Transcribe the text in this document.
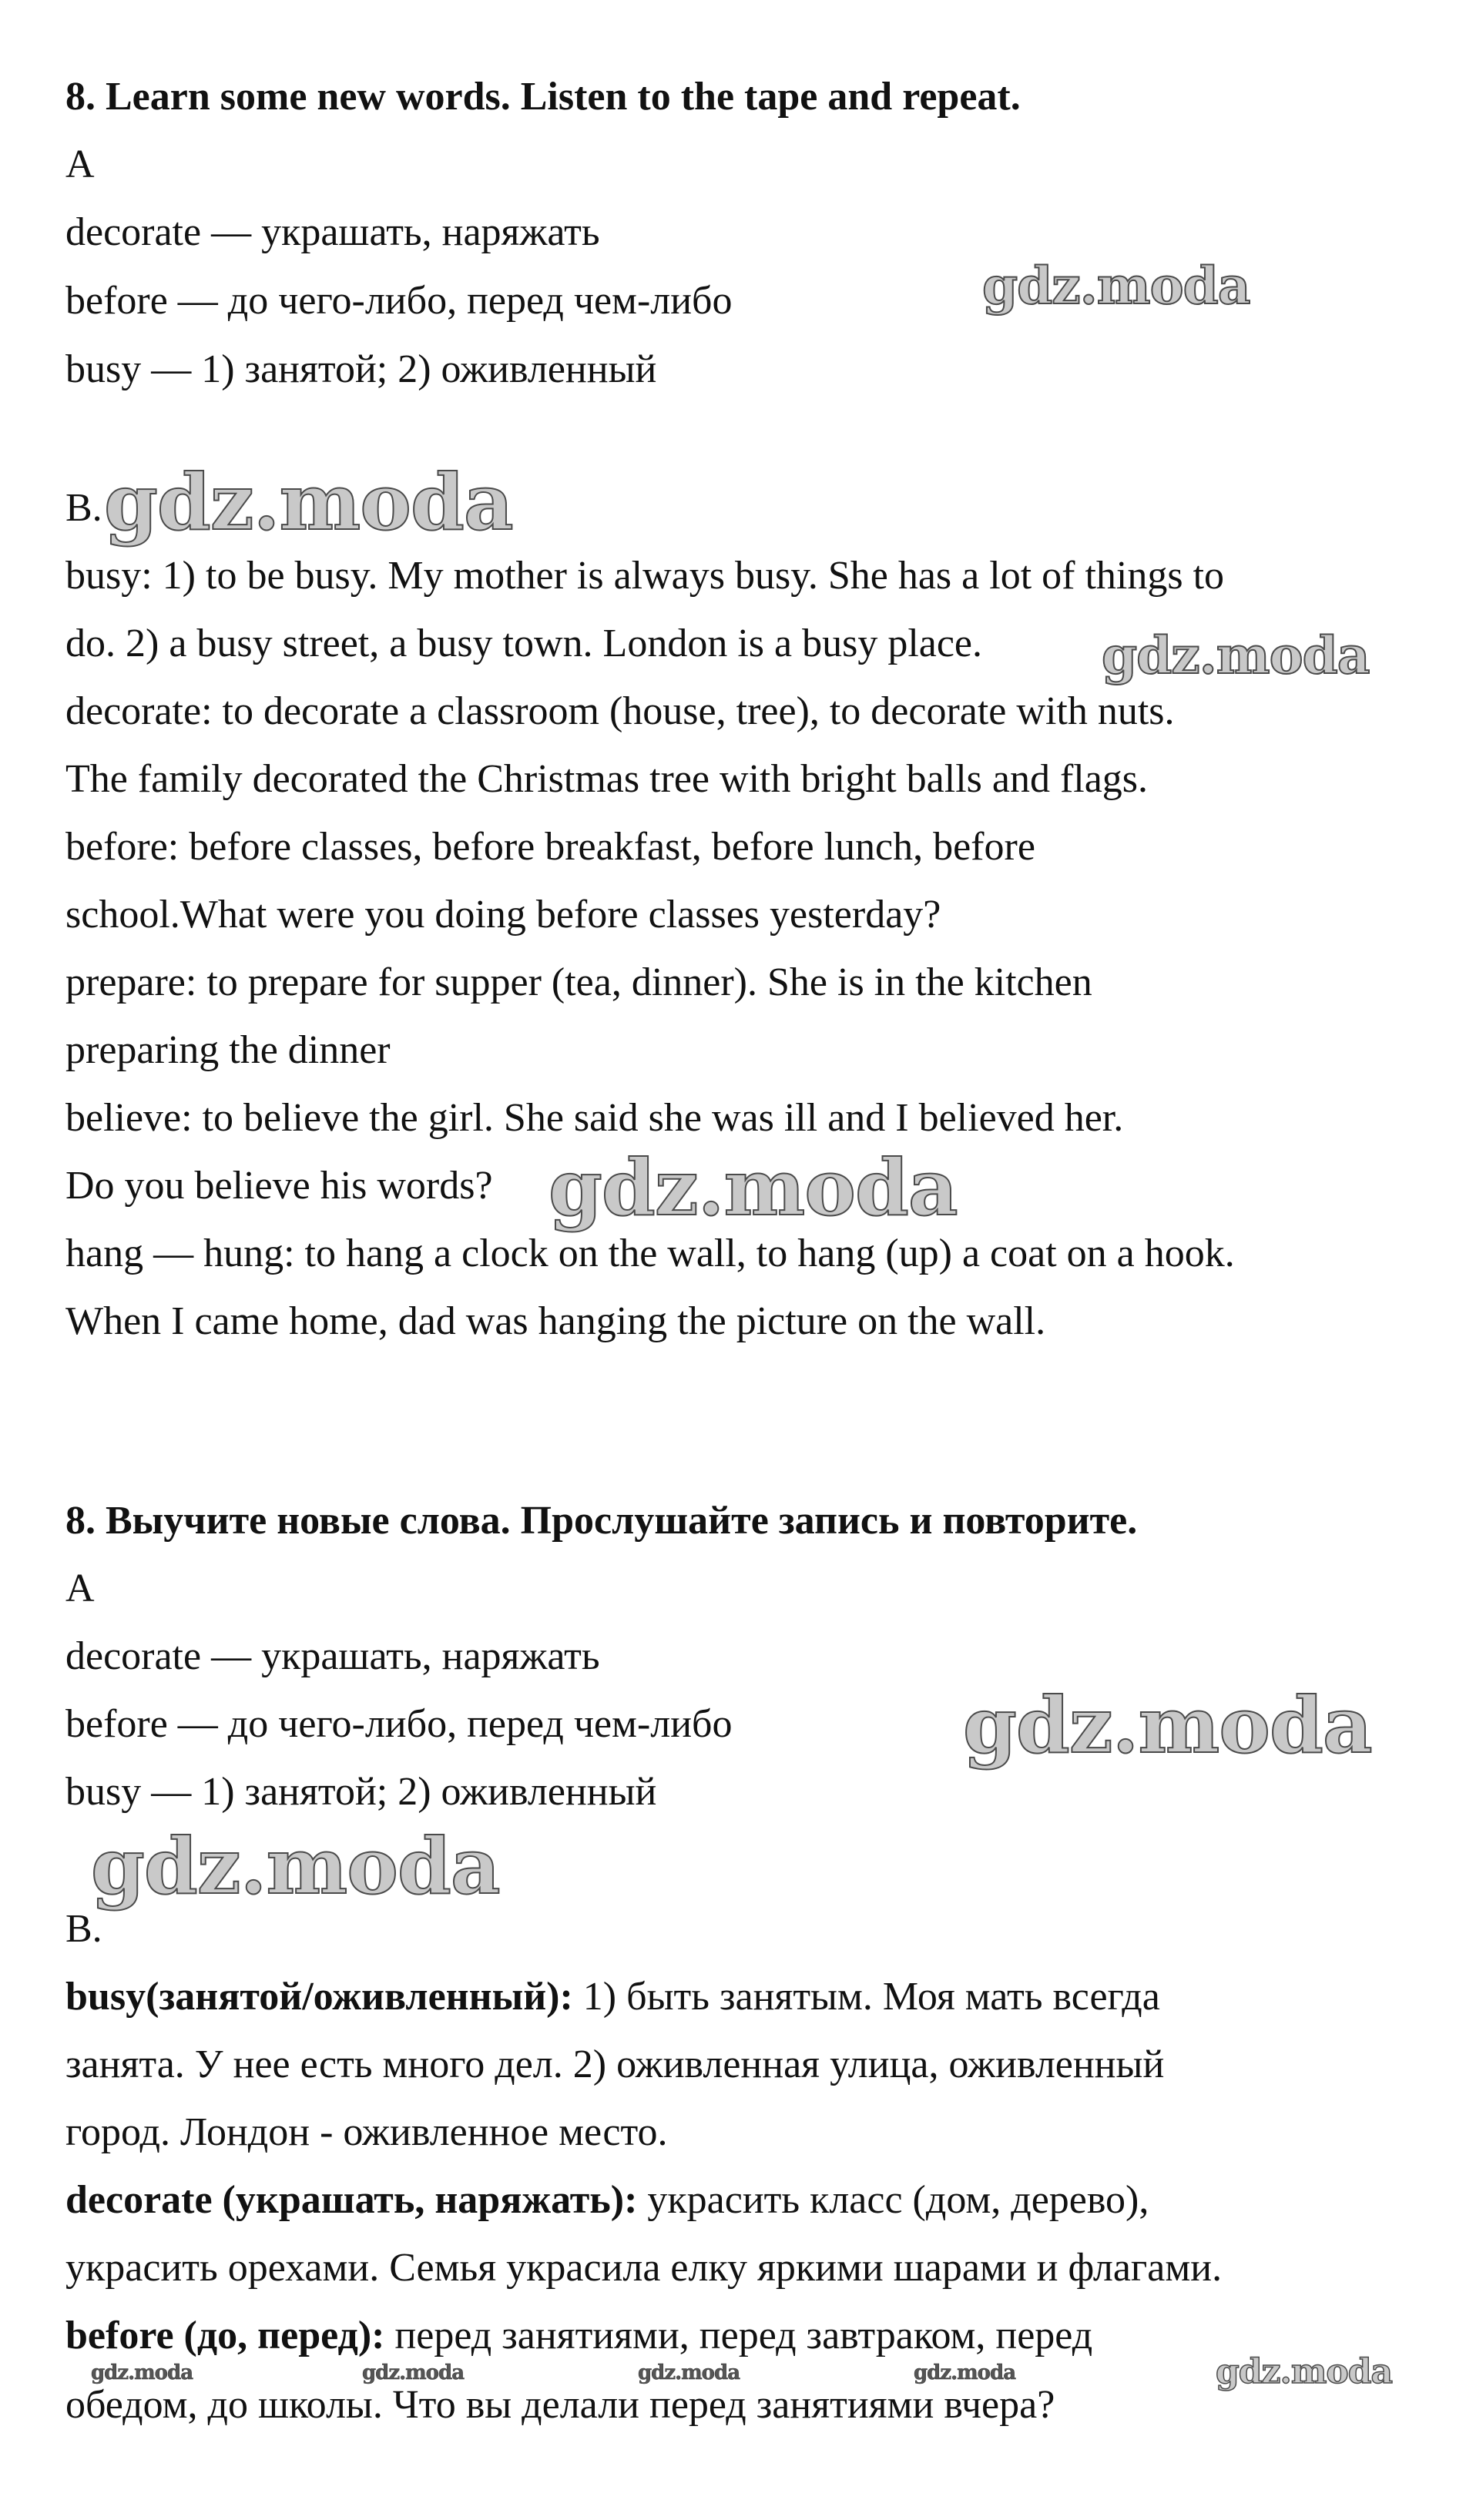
8. Learn some new words. Listen to the tape and repeat.
A
decorate — украшать, наряжать
before — до чего-либо, перед чем-либо
busy — 1) занятой; 2) оживленный
B.
busy: 1) to be busy. My mother is always busy. She has a lot of things to
do. 2) a busy street, a busy town. London is a busy place.
decorate: to decorate a classroom (house, tree), to decorate with nuts.
The family decorated the Christmas tree with bright balls and flags.
before: before classes, before breakfast, before lunch, before
school.What were you doing before classes yesterday?
prepare: to prepare for supper (tea, dinner). She is in the kitchen
preparing the dinner
believe: to believe the girl. She said she was ill and I believed her.
Do you believe his words?
hang — hung: to hang a clock on the wall, to hang (up) a coat on a hook.
When I came home, dad was hanging the picture on the wall.
8. Выучите новые слова. Прослушайте запись и повторите.
A
decorate — украшать, наряжать
before — до чего-либо, перед чем-либо
busy — 1) занятой; 2) оживленный
B.
busy(занятой/оживленный): 1) быть занятым. Моя мать всегда
занята. У нее есть много дел. 2) оживленная улица, оживленный
город. Лондон - оживленное место.
decorate (украшать, наряжать): украсить класс (дом, дерево),
украсить орехами. Семья украсила елку яркими шарами и флагами.
before (до, перед): перед занятиями, перед завтраком, перед
обедом, до школы. Что вы делали перед занятиями вчера?
gdz.moda
gdz.moda
gdz.moda
gdz.moda
gdz.moda
gdz.moda
gdz.moda	gdz.moda	gdz.moda	gdz.moda	gdz.moda
